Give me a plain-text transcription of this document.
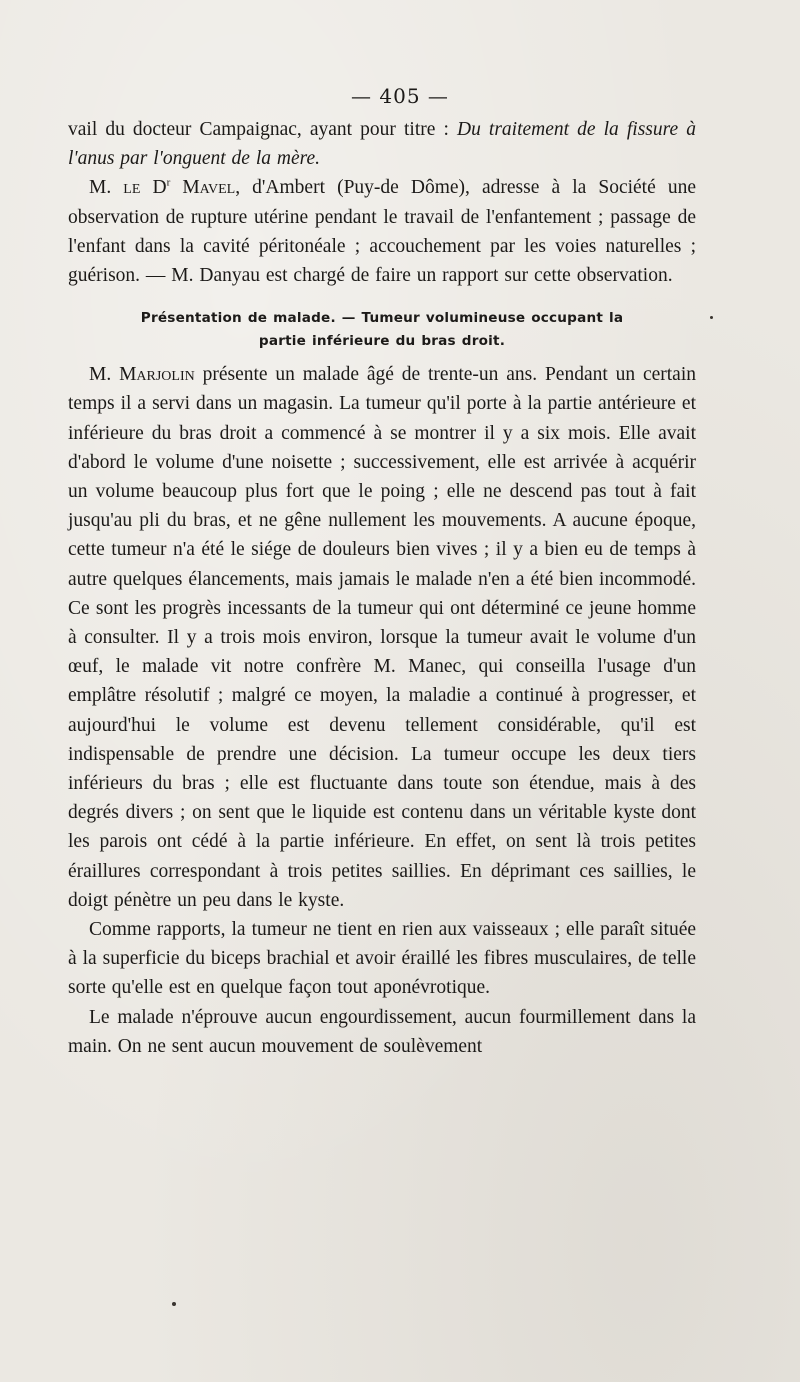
— 405 —

vail du docteur Campaignac, ayant pour titre : Du traitement de la fissure à l'anus par l'onguent de la mère.

M. le $D^r$ Mavel, d'Ambert (Puy-de Dôme), adresse à la Société une observation de rupture utérine pendant le travail de l'enfantement ; passage de l'enfant dans la cavité péritonéale ; accouchement par les voies naturelles ; guérison. — M. Danyau est chargé de faire un rapport sur cette observation.

Présentation de malade. — Tumeur volumineuse occupant la
partie inférieure du bras droit.

M. Marjolin présente un malade âgé de trente-un ans. Pendant un certain temps il a servi dans un magasin. La tumeur qu'il porte à la partie antérieure et inférieure du bras droit a commencé à se montrer il y a six mois. Elle avait d'abord le volume d'une noisette ; successivement, elle est arrivée à acquérir un volume beaucoup plus fort que le poing ; elle ne descend pas tout à fait jusqu'au pli du bras, et ne gêne nullement les mouvements. A aucune époque, cette tumeur n'a été le siége de douleurs bien vives ; il y a bien eu de temps à autre quelques élancements, mais jamais le malade n'en a été bien incommodé. Ce sont les progrès incessants de la tumeur qui ont déterminé ce jeune homme à consulter. Il y a trois mois environ, lorsque la tumeur avait le volume d'un œuf, le malade vit notre confrère M. Manec, qui conseilla l'usage d'un emplâtre résolutif ; malgré ce moyen, la maladie a continué à progresser, et aujourd'hui le volume est devenu tellement considérable, qu'il est indispensable de prendre une décision. La tumeur occupe les deux tiers inférieurs du bras ; elle est fluctuante dans toute son étendue, mais à des degrés divers ; on sent que le liquide est contenu dans un véritable kyste dont les parois ont cédé à la partie inférieure. En effet, on sent là trois petites éraillures correspondant à trois petites saillies. En déprimant ces saillies, le doigt pénètre un peu dans le kyste.

Comme rapports, la tumeur ne tient en rien aux vaisseaux ; elle paraît située à la superficie du biceps brachial et avoir éraillé les fibres musculaires, de telle sorte qu'elle est en quelque façon tout aponévrotique.

Le malade n'éprouve aucun engourdissement, aucun fourmillement dans la main. On ne sent aucun mouvement de soulèvement
